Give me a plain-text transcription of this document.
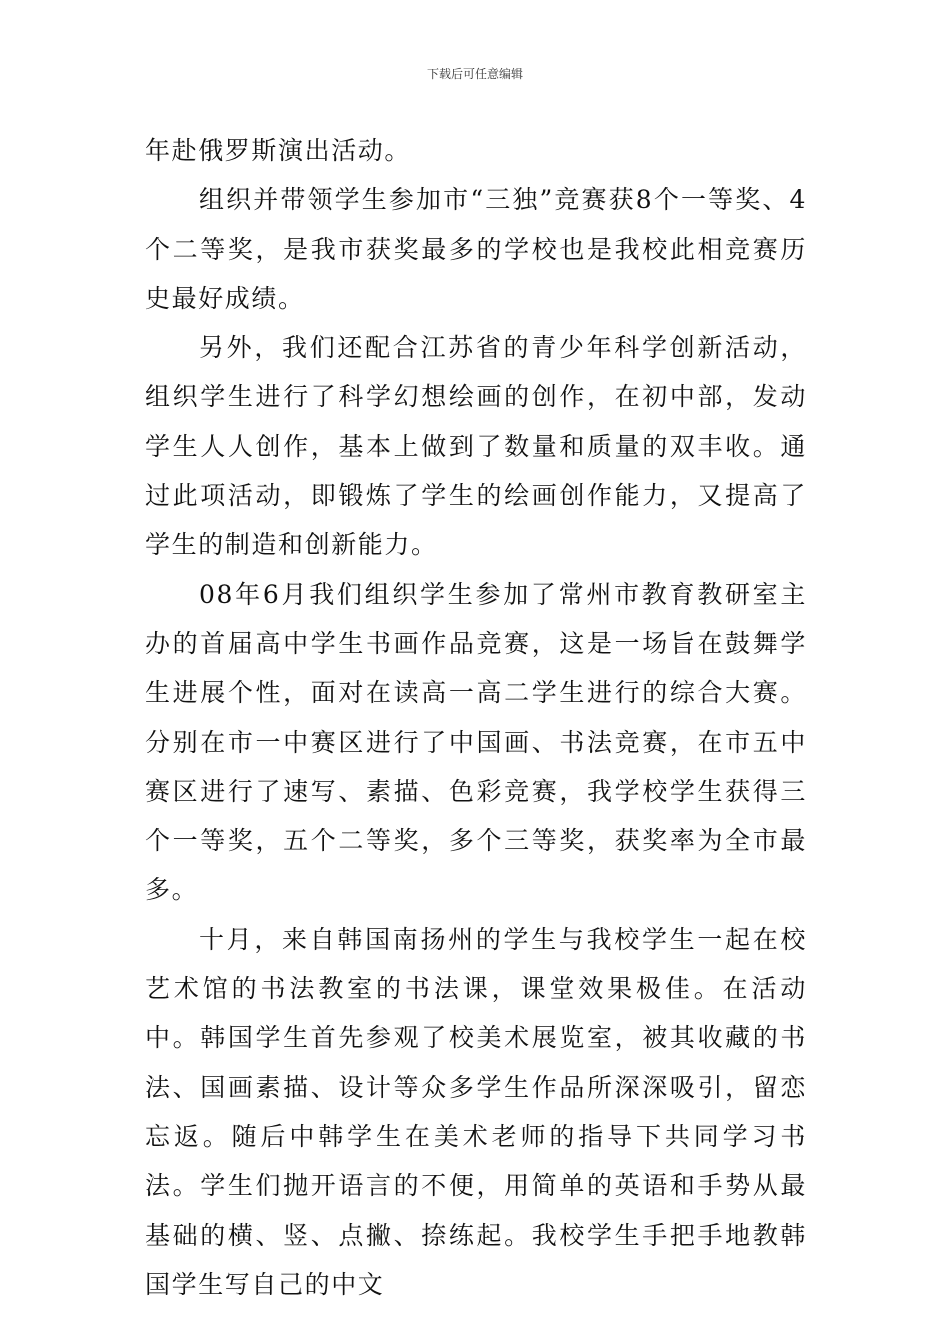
下载后可任意编辑

年赴俄罗斯演出活动。

组织并带领学生参加市“三独”竞赛获8个一等奖、4个二等奖，是我市获奖最多的学校也是我校此相竞赛历史最好成绩。

另外，我们还配合江苏省的青少年科学创新活动，组织学生进行了科学幻想绘画的创作，在初中部，发动学生人人创作，基本上做到了数量和质量的双丰收。通过此项活动，即锻炼了学生的绘画创作能力，又提高了学生的制造和创新能力。

08年6月我们组织学生参加了常州市教育教研室主办的首届高中学生书画作品竞赛，这是一场旨在鼓舞学生进展个性，面对在读高一高二学生进行的综合大赛。分别在市一中赛区进行了中国画、书法竞赛，在市五中赛区进行了速写、素描、色彩竞赛，我学校学生获得三个一等奖，五个二等奖，多个三等奖，获奖率为全市最多。

十月，来自韩国南扬州的学生与我校学生一起在校艺术馆的书法教室的书法课，课堂效果极佳。在活动中。韩国学生首先参观了校美术展览室，被其收藏的书法、国画素描、设计等众多学生作品所深深吸引，留恋忘返。随后中韩学生在美术老师的指导下共同学习书法。学生们抛开语言的不便，用简单的英语和手势从最基础的横、竖、点撇、捺练起。我校学生手把手地教韩国学生写自己的中文
